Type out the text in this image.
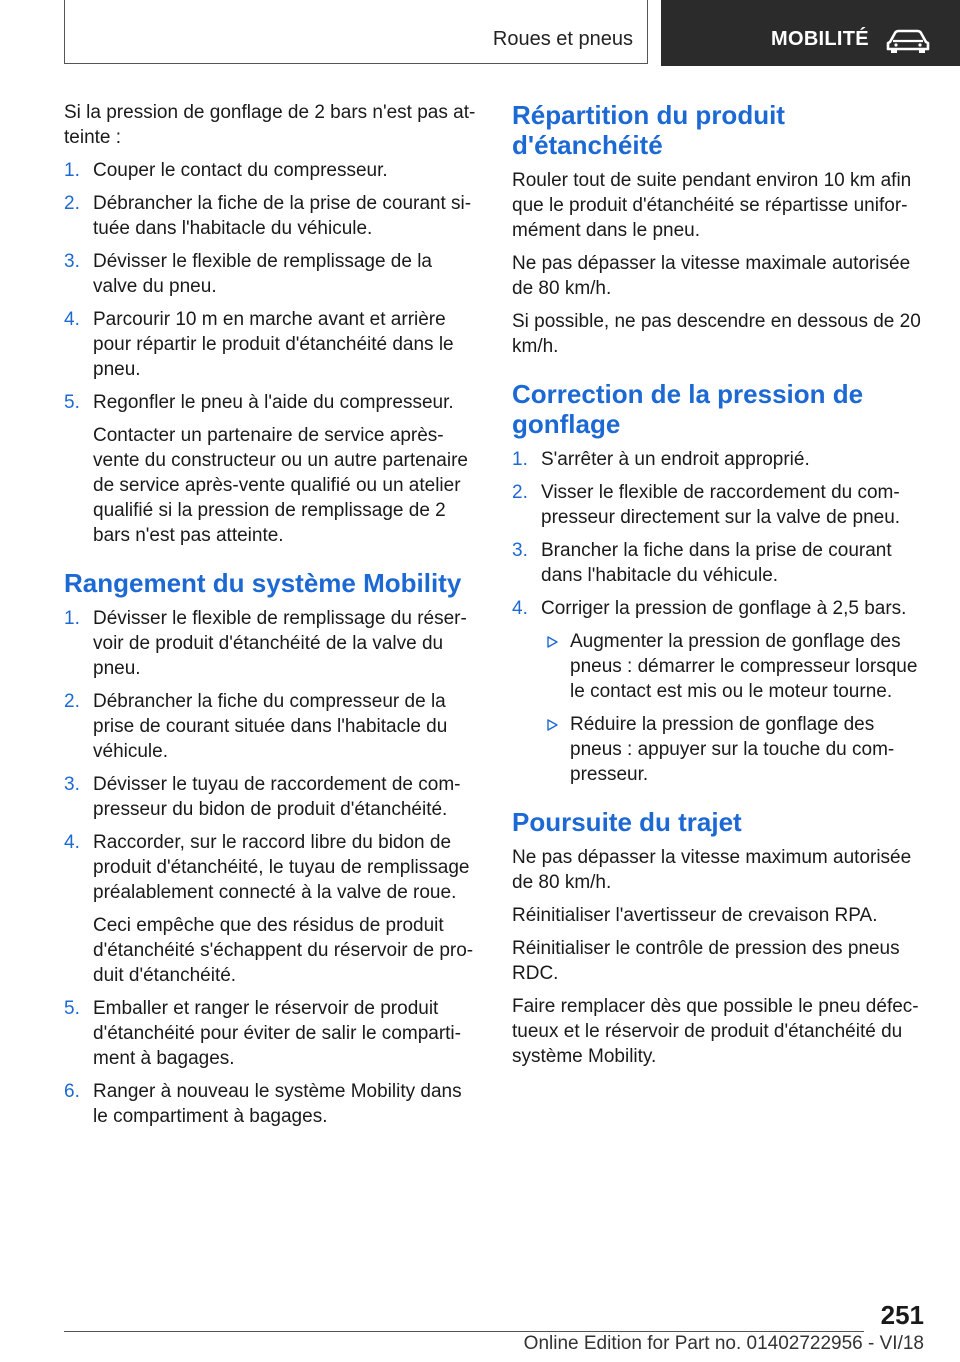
Roues et pneus	MOBILITÉ

Si la pression de gonflage de 2 bars n'est pas at-teinte :

1. Couper le contact du compresseur.
2. Débrancher la fiche de la prise de courant si-tuée dans l'habitacle du véhicule.
3. Dévisser le flexible de remplissage de la valve du pneu.
4. Parcourir 10 m en marche avant et arrière pour répartir le produit d'étanchéité dans le pneu.
5. Regonfler le pneu à l'aide du compresseur.
Contacter un partenaire de service après-vente du constructeur ou un autre partenaire de service après-vente qualifié ou un atelier qualifié si la pression de remplissage de 2 bars n'est pas atteinte.
Rangement du système Mobility
1. Dévisser le flexible de remplissage du réser-voir de produit d'étanchéité de la valve du pneu.
2. Débrancher la fiche du compresseur de la prise de courant située dans l'habitacle du véhicule.
3. Dévisser le tuyau de raccordement de com-presseur du bidon de produit d'étanchéité.
4. Raccorder, sur le raccord libre du bidon de produit d'étanchéité, le tuyau de remplissage préalablement connecté à la valve de roue.
Ceci empêche que des résidus de produit d'étanchéité s'échappent du réservoir de pro-duit d'étanchéité.
5. Emballer et ranger le réservoir de produit d'étanchéité pour éviter de salir le comparti-ment à bagages.
6. Ranger à nouveau le système Mobility dans le compartiment à bagages.
Répartition du produit d'étanchéité

Rouler tout de suite pendant environ 10 km afin que le produit d'étanchéité se répartisse unifor-mément dans le pneu.

Ne pas dépasser la vitesse maximale autorisée de 80 km/h.

Si possible, ne pas descendre en dessous de 20 km/h.

Correction de la pression de gonflage
1. S'arrêter à un endroit approprié.
2. Visser le flexible de raccordement du com-presseur directement sur la valve de pneu.
3. Brancher la fiche dans la prise de courant dans l'habitacle du véhicule.
4. Corriger la pression de gonflage à 2,5 bars.
Augmenter la pression de gonflage des pneus : démarrer le compresseur lorsque le contact est mis ou le moteur tourne.
Réduire la pression de gonflage des pneus : appuyer sur la touche du com-presseur.
Poursuite du trajet

Ne pas dépasser la vitesse maximum autorisée de 80 km/h.

Réinitialiser l'avertisseur de crevaison RPA.

Réinitialiser le contrôle de pression des pneus RDC.

Faire remplacer dès que possible le pneu défec-tueux et le réservoir de produit d'étanchéité du système Mobility.

251
Online Edition for Part no. 01402722956 - VI/18
